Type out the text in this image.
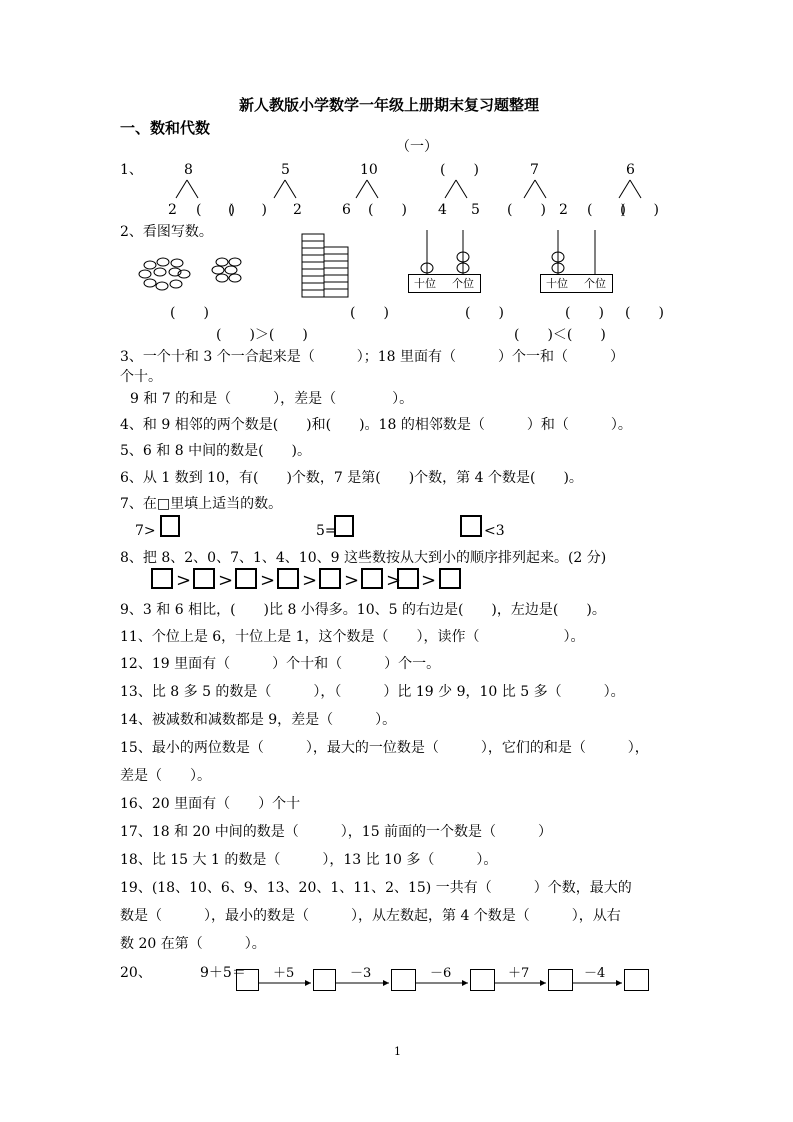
新人教版小学数学一年级上册期末复习题整理
一、数和代数
（一）
1、	8	5	10	(　　)	7	6
2 (　　)
(　　) 2	6 (　　) 4 5 (　　) 2 (　　)
(　　)
2、看图写数。
十位 个位	十位 个位
(　　)	(　　)	(　　)	(　　) (　　)
(　　)＞(　　)	(　　)＜(　　)
3、一个十和 3 个一合起来是（　　　）；18 里面有（　　　）个一和（　　　）
个十。
9 和 7 的和是（　　　），差是（　　　　）。
4、和 9 相邻的两个数是(　　)和(　　)。18 的相邻数是（　　　）和（　　　）。
5、6 和 8 中间的数是(　　)。
6、从 1 数到 10，有(　　)个数，7 是第(　　)个数，第 4 个数是(　　)。
7、在□里填上适当的数。
7>	5=	<3
8、把 8、2、0、7、1、4、10、9 这些数按从大到小的顺序排列起来。(2 分)
> > > > > > >
9、3 和 6 相比，(　　)比 8 小得多。10、5 的右边是(　　)，左边是(　　)。
11、个位上是 6，十位上是 1，这个数是（　　），读作（　　　　　　）。
12、19 里面有（　　　）个十和（　　　）个一。
13、比 8 多 5 的数是（　　　），（　　　）比 19 少 9，10 比 5 多（　　　）。
14、被减数和减数都是 9，差是（　　　）。
15、最小的两位数是（　　　），最大的一位数是（　　　），它们的和是（　　　），
差是（　　）。
16、20 里面有（　　）个十
17、18 和 20 中间的数是（　　　），15 前面的一个数是（　　　）
18、比 15 大 1 的数是（　　　），13 比 10 多（　　　）。
19、(18、10、6、9、13、20、1、11、2、15) 一共有（　　　）个数，最大的
数是（　　　），最小的数是（　　　），从左数起，第 4 个数是（　　　），从右
数 20 在第（　　　）。
20、	9＋5＝ ＋5	－3	－6	＋7	－4
1
